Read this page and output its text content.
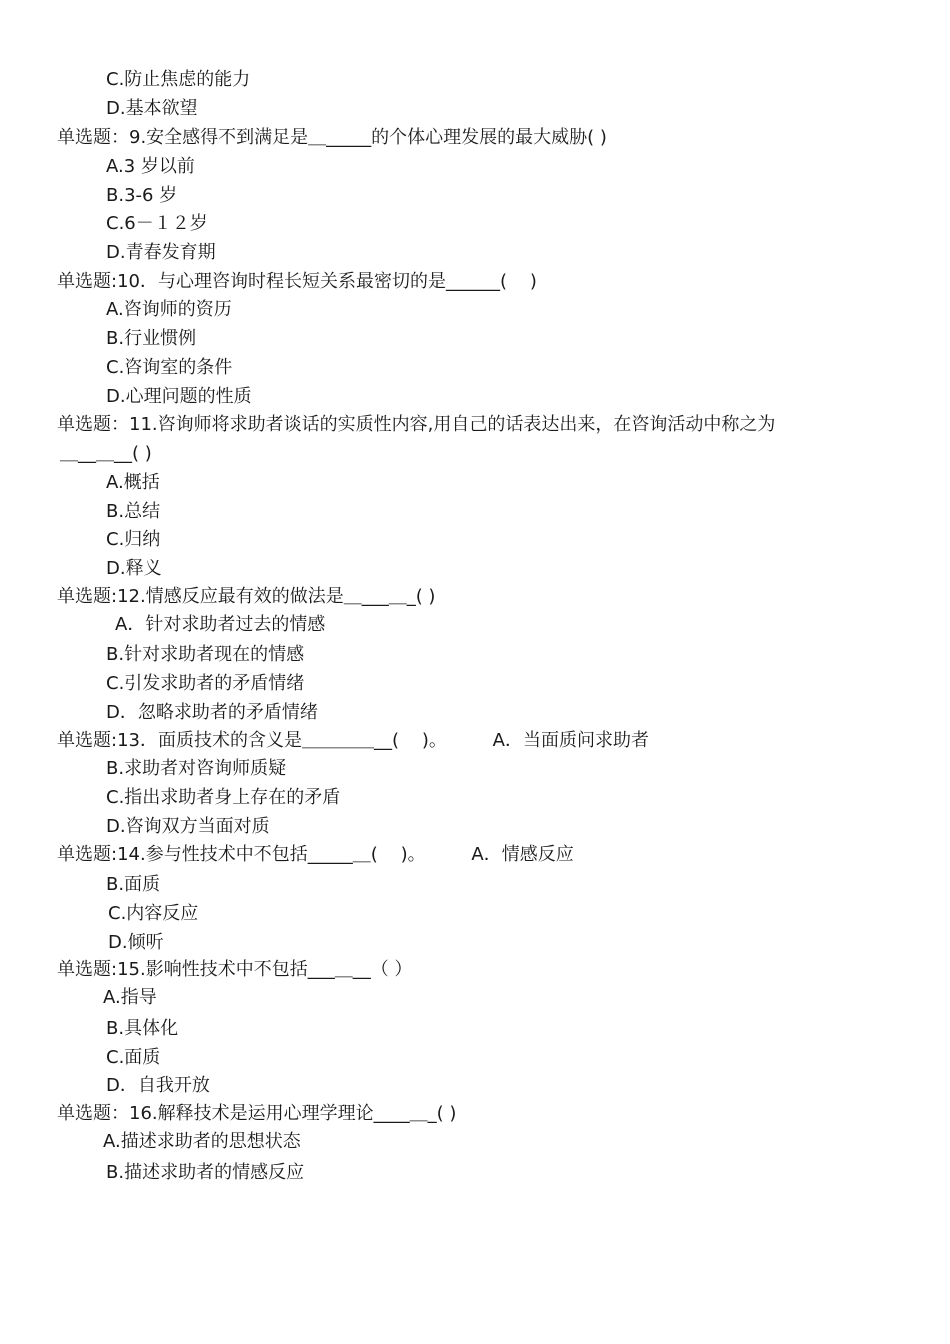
C.防止焦虑的能力
D.基本欲望
单选题：9.安全感得不到满足是＿_____的个体心理发展的最大威胁( )
A.3 岁以前
B.3-6 岁
C.6－１２岁
D.青春发育期
单选题:10．与心理咨询时程长短关系最密切的是______(    )
A.咨询师的资历
B.行业惯例
C.咨询室的条件
D.心理问题的性质
单选题：11.咨询师将求助者谈话的实质性内容,用自己的话表达出来，在咨询活动中称之为
＿__＿__( )
A.概括
B.总结
C.归纳
D.释义
单选题:12.情感反应最有效的做法是＿___＿_( )
A．针对求助者过去的情感
B.针对求助者现在的情感
C.引发求助者的矛盾情绪
D．忽略求助者的矛盾情绪
单选题:13．面质技术的含义是＿＿＿＿__(    )。        A．当面质问求助者
B.求助者对咨询师质疑
C.指出求助者身上存在的矛盾
D.咨询双方当面对质
单选题:14.参与性技术中不包括_____＿(    )。        A．情感反应
B.面质
C.内容反应
D.倾听
单选题:15.影响性技术中不包括___＿__（ ）
A.指导
B.具体化
C.面质
D．自我开放
单选题：16.解释技术是运用心理学理论____＿_( )
A.描述求助者的思想状态
B.描述求助者的情感反应
